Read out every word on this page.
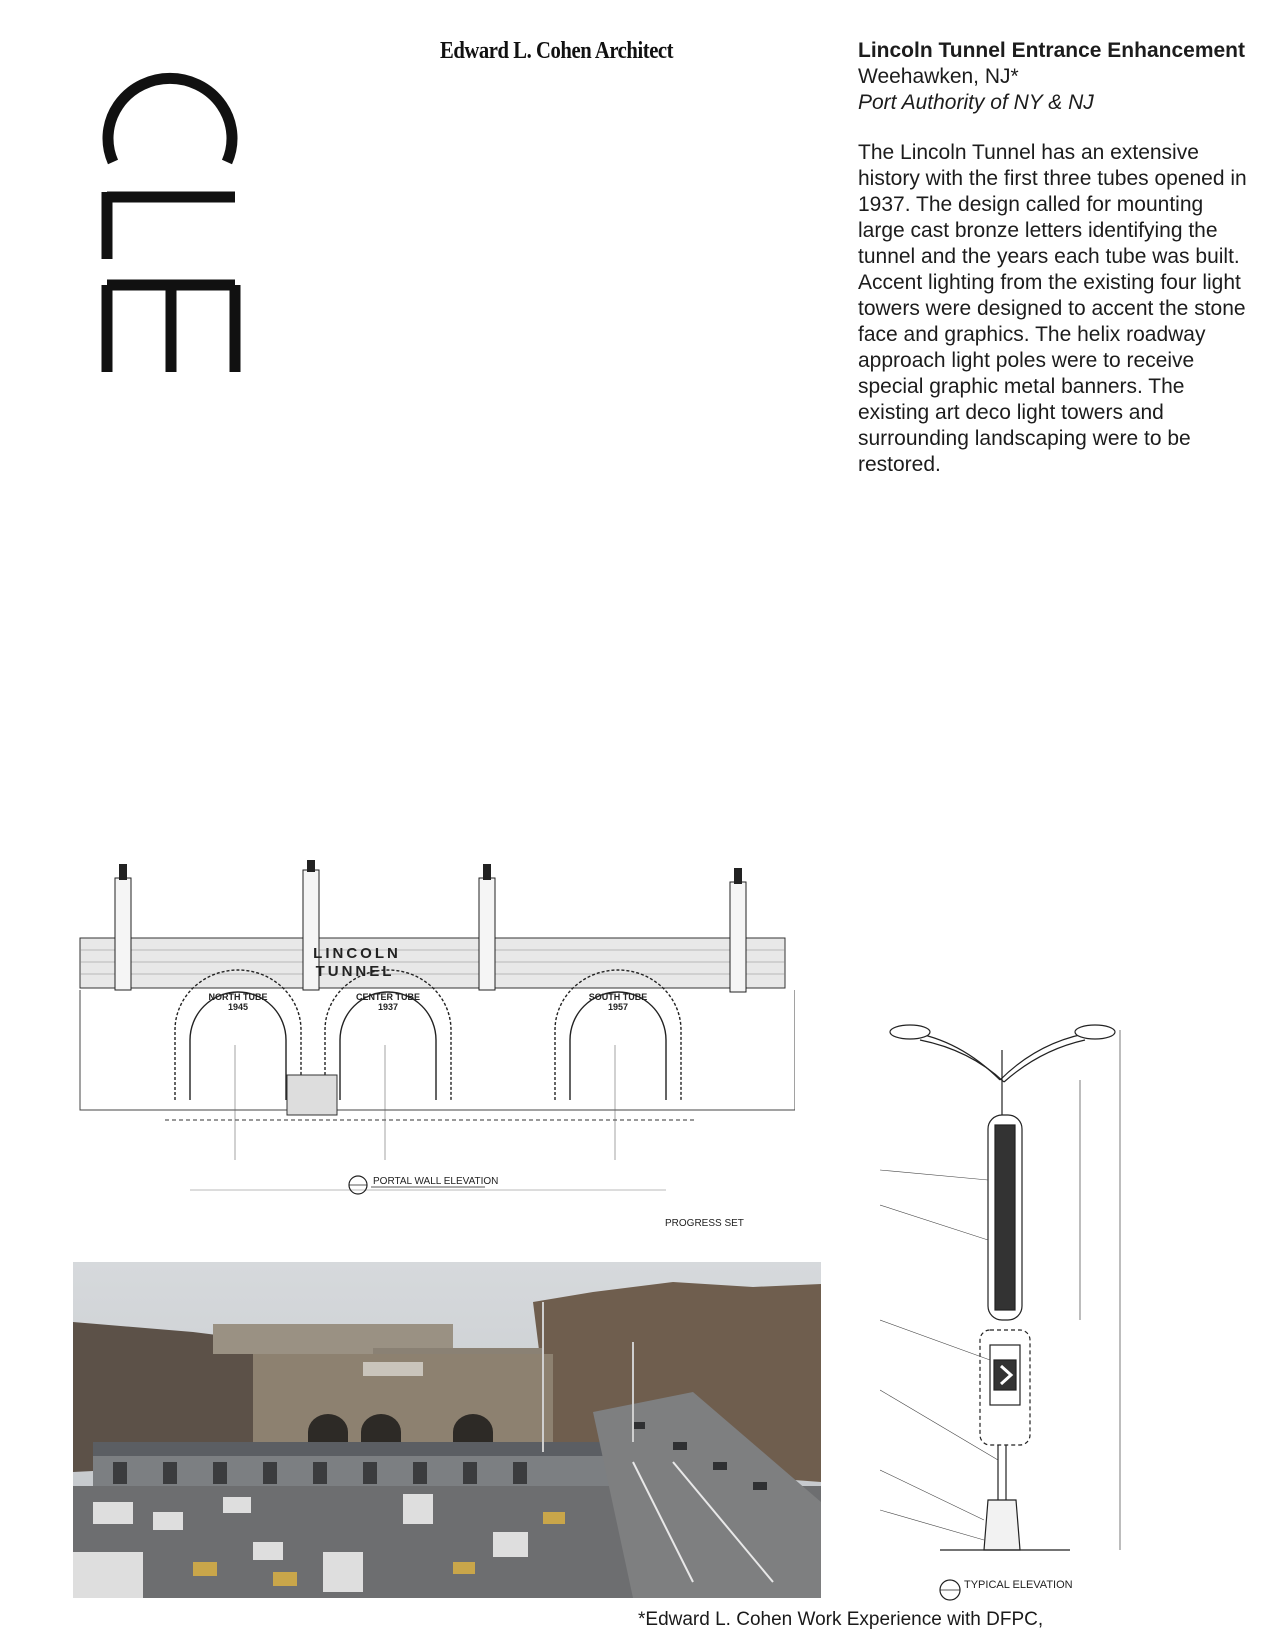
Edward L. Cohen Architect	Lincoln Tunnel Entrance Enhancement

Weehawken, NJ*

Port Authority of NY & NJ

The Lincoln Tunnel has an extensive history with the first three tubes opened in 1937. The design called for mounting large cast bronze letters identifying the tunnel and the years each tube was built. Accent lighting from the existing four light towers were designed to accent the stone face and graphics. The helix roadway approach light poles were to receive special graphic metal banners. The existing art deco light towers and surrounding landscaping were to be restored.

LINCOLN
TUNNEL
NORTH TUBE
1945
CENTER TUBE
1937
SOUTH TUBE
1957
PORTAL WALL ELEVATION
PROGRESS SET
TYPICAL ELEVATION
*Edward L. Cohen Work Experience with DFPC,
